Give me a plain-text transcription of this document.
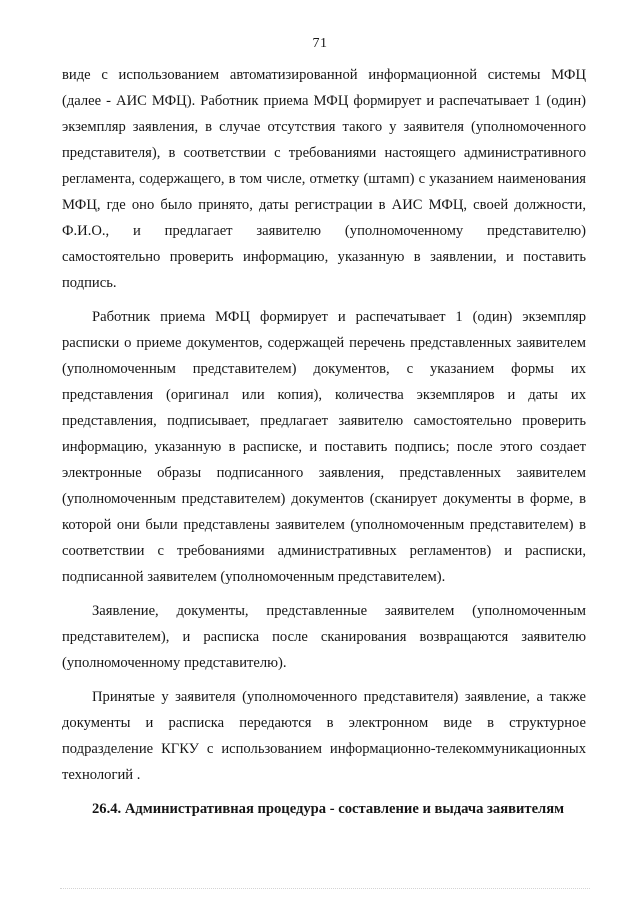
71

виде с использованием автоматизированной информационной системы МФЦ (далее - АИС МФЦ). Работник приема МФЦ формирует и распечатывает 1 (один) экземпляр заявления, в случае отсутствия такого у заявителя (уполномоченного представителя), в соответствии с требованиями настоящего административного регламента, содержащего, в том числе, отметку (штамп) с указанием наименования МФЦ, где оно было принято, даты регистрации в АИС МФЦ, своей должности, Ф.И.О., и предлагает заявителю (уполномоченному представителю) самостоятельно проверить информацию, указанную в заявлении, и поставить подпись.

Работник приема МФЦ формирует и распечатывает 1 (один) экземпляр расписки о приеме документов, содержащей перечень представленных заявителем (уполномоченным представителем) документов, с указанием формы их представления (оригинал или копия), количества экземпляров и даты их представления, подписывает, предлагает заявителю самостоятельно проверить информацию, указанную в расписке, и поставить подпись; после этого создает электронные образы подписанного заявления, представленных заявителем (уполномоченным представителем) документов (сканирует документы в форме, в которой они были представлены заявителем (уполномоченным представителем) в соответствии с требованиями административных регламентов) и расписки, подписанной заявителем (уполномоченным представителем).

Заявление, документы, представленные заявителем (уполномоченным представителем), и расписка после сканирования возвращаются заявителю (уполномоченному представителю).

Принятые у заявителя (уполномоченного представителя) заявление, а также документы и расписка передаются в электронном виде в структурное подразделение КГКУ с использованием информационно-телекоммуникационных технологий .

26.4. Административная процедура - составление и выдача заявителям
